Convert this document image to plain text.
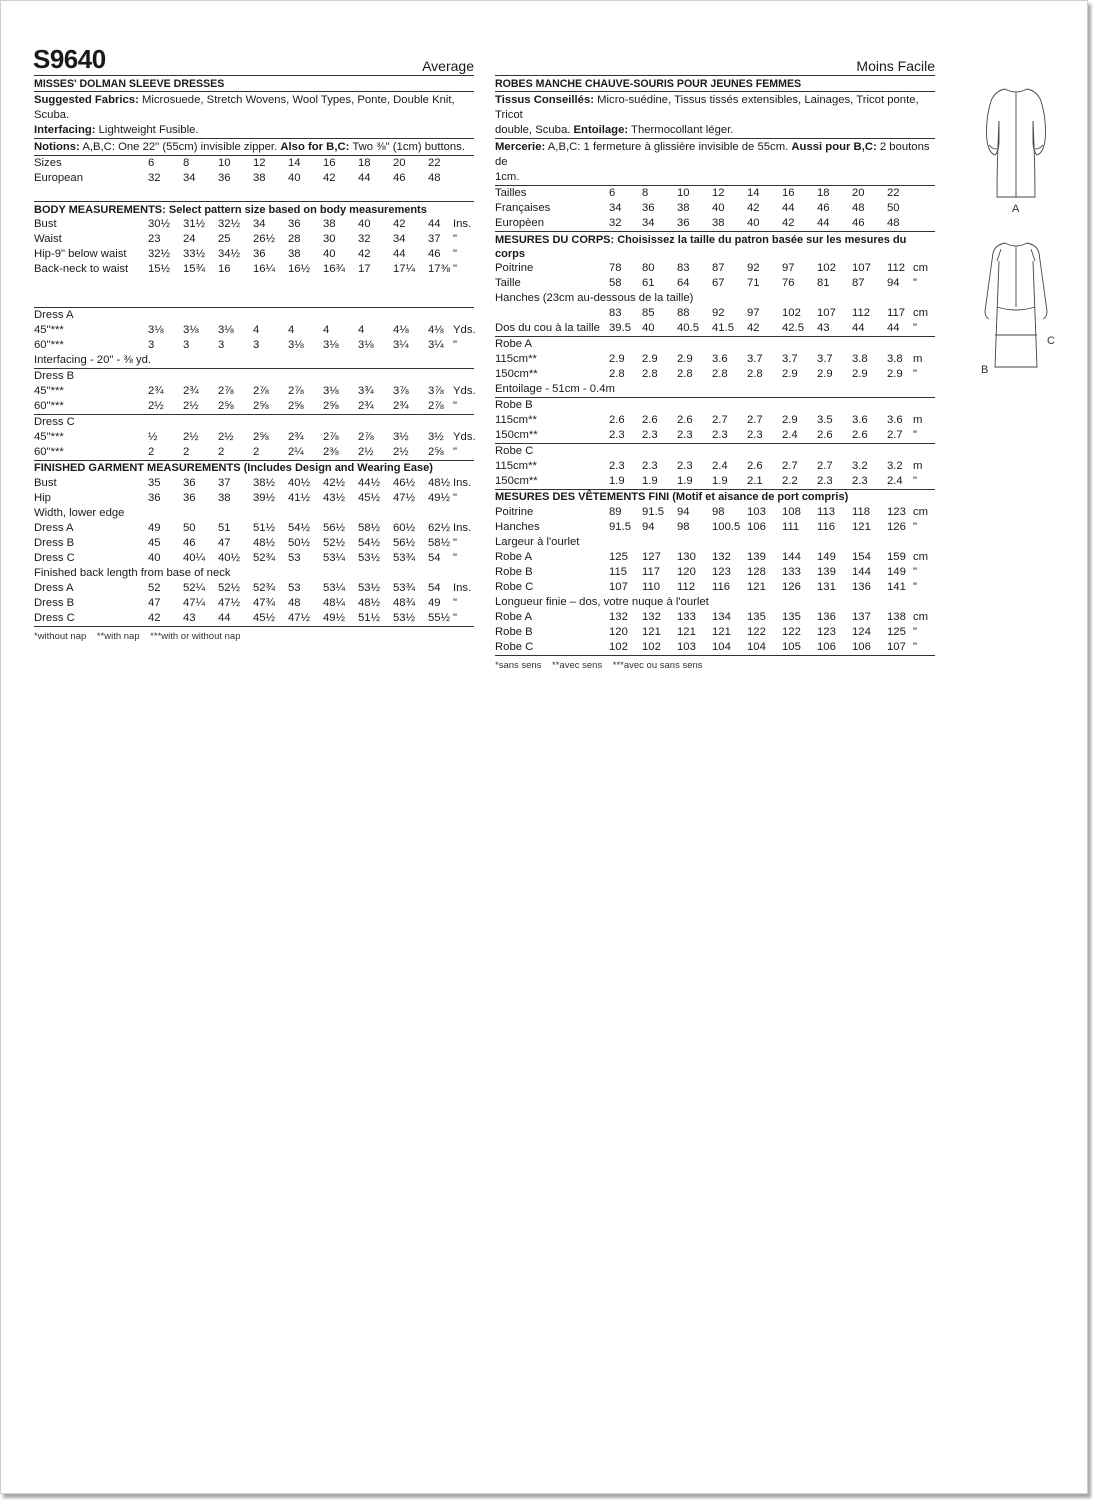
S9640	Average
MISSES' DOLMAN SLEEVE DRESSES
Suggested Fabrics: Microsuede, Stretch Wovens, Wool Types, Ponte, Double Knit, Scuba.
Interfacing: Lightweight Fusible.
Notions: A,B,C: One 22" (55cm) invisible zipper. Also for B,C: Two ⅜" (1cm) buttons.
Sizes	6	8	10 12 14 16 18 20 22
European	32 34 36 38 40 42 44 46 48
BODY MEASUREMENTS: Select pattern size based on body measurements
Bust	30½ 31½ 32½ 34 36 38 40 42 44 Ins.
Waist	23 24 25 26½ 28 30 32 34 37 "
Hip-9" below waist 32½ 33½ 34½ 36 38 40 42 44 46 "
Back-neck to waist 15½ 15¾ 16 16¼ 16½ 16¾ 17 17¼ 17⅜ "
Dress A
45"***	3⅛ 3⅛ 3⅛ 4	4	4	4	4⅛ 4⅛ Yds.
60"***	3	3	3	3	3⅛ 3⅛ 3⅛ 3¼ 3¼ "
Interfacing - 20" - ⅜ yd.
Dress B
45"***	2¾ 2¾ 2⅞ 2⅞ 2⅞ 3⅛ 3¾ 3⅞ 3⅞ Yds.
60"***	2½ 2½ 2⅝ 2⅝ 2⅝ 2⅝ 2¾ 2¾ 2⅞ "
Dress C
45"***	½ 2½ 2½ 2⅝ 2¾ 2⅞ 2⅞ 3½ 3½ Yds.
60"***	2	2	2	2	2¼ 2⅜ 2½ 2½ 2⅝ "
FINISHED GARMENT MEASUREMENTS (Includes Design and Wearing Ease)
Bust	35 36 37 38½ 40½ 42½ 44½ 46½ 48½ Ins.
Hip	36 36 38 39½ 41½ 43½ 45½ 47½ 49½ "
Width, lower edge
Dress A	49 50 51 51½ 54½ 56½ 58½ 60½ 62½ Ins.
Dress B	45 46 47 48½ 50½ 52½ 54½ 56½ 58½ "
Dress C	40 40¼ 40½ 52¾ 53 53¼ 53½ 53¾ 54 "
Finished back length from base of neck
Dress A	52 52¼ 52½ 52¾ 53 53¼ 53½ 53¾ 54 Ins.
Dress B	47 47¼ 47½ 47¾ 48 48¼ 48½ 48¾ 49 "
Dress C	42 43 44 45½ 47½ 49½ 51½ 53½ 55½ "
*without nap    **with nap    ***with or without nap
Moins Facile
ROBES MANCHE CHAUVE-SOURIS POUR JEUNES FEMMES
Tissus Conseillés: Micro-suédine, Tissus tissés extensibles, Lainages, Tricot ponte, Tricot
double, Scuba. Entoilage: Thermocollant léger.
Mercerie: A,B,C: 1 fermeture à glissière invisible de 55cm. Aussi pour B,C: 2 boutons de
1cm.
Tailles	6 8	10 12 14 16 18 20 22
Françaises	34 36 38 40 42 44 46 48 50
Europèen	32 34 36 38 40 42 44 46 48
MESURES DU CORPS: Choisissez la taille du patron basée sur les mesures du corps
Poitrine	78 80 83 87 92 97 102 107 112 cm
Taille	58 61 64 67 71 76 81 87 94 "
Hanches (23cm au-dessous de la taille)
83 85 88 92 97 102 107 112 117 cm
Dos du cou à la taille 39.5 40 40.5 41.5 42 42.5 43 44 44 "
Robe A
115cm**	2.9 2.9 2.9 3.6 3.7 3.7 3.7 3.8 3.8 m
150cm**	2.8 2.8 2.8 2.8 2.8 2.9 2.9 2.9 2.9 "
Entoilage - 51cm - 0.4m
Robe B
115cm**	2.6 2.6 2.6 2.7 2.7 2.9 3.5 3.6 3.6 m
150cm**	2.3 2.3 2.3 2.3 2.3 2.4 2.6 2.6 2.7 "
Robe C
115cm**	2.3 2.3 2.3 2.4 2.6 2.7 2.7 3.2 3.2 m
150cm**	1.9 1.9 1.9 1.9 2.1 2.2 2.3 2.3 2.4 "
MESURES DES VÊTEMENTS FINI (Motif et aisance de port compris)
Poitrine	89 91.5 94 98 103 108 113 118 123 cm
Hanches	91.5 94 98 100.5 106 111 116 121 126 "
Largeur à l'ourlet
Robe A	125 127 130 132 139 144 149 154 159 cm
Robe B	115 117 120 123 128 133 139 144 149 "
Robe C	107 110 112 116 121 126 131 136 141 "
Longueur finie – dos, votre nuque à l'ourlet
Robe A	132 132 133 134 135 135 136 137 138 cm
Robe B	120 121 121 121 122 122 123 124 125 "
Robe C	102 102 103 104 104 105 106 106 107 "
*sans sens    **avec sens    ***avec ou sans sens
A
B
C
